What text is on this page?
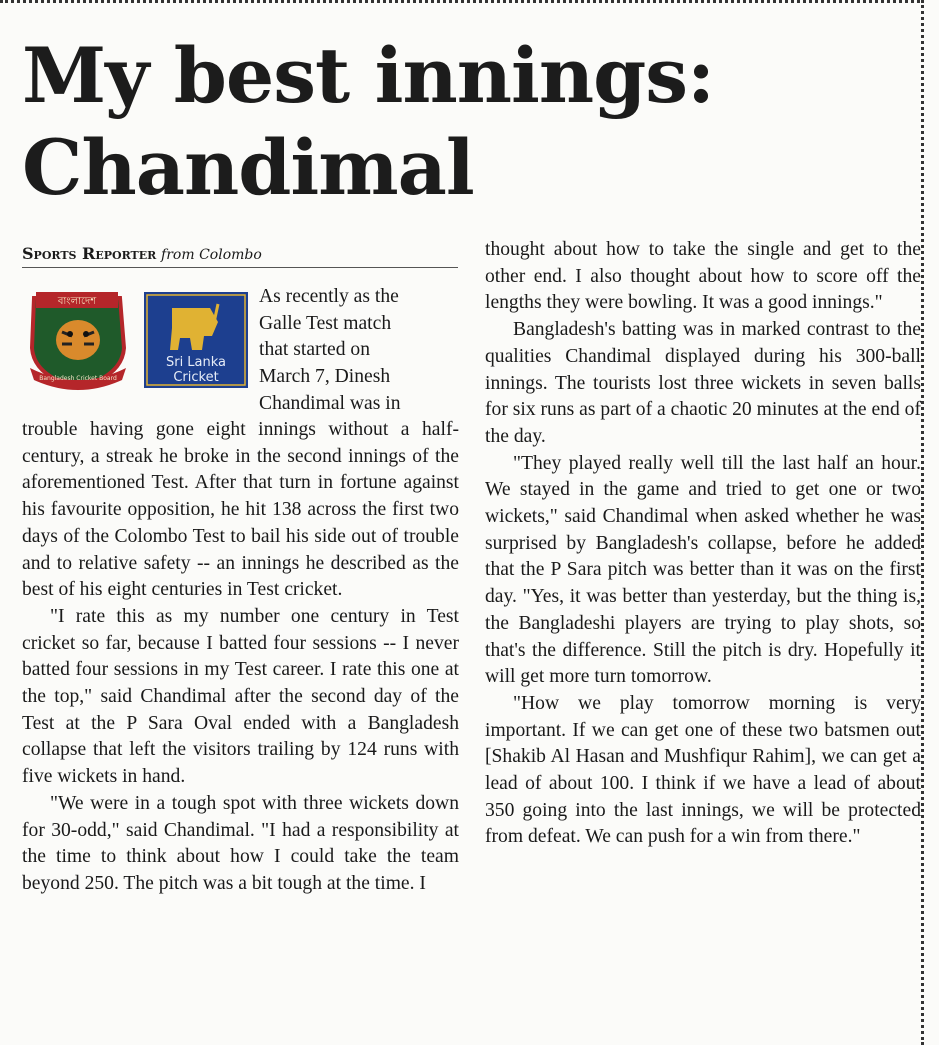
My best innings:
Chandimal
Sports Reporter from Colombo
বাংলাদেশ
Bangladesh Cricket Board
Sri Lanka
Cricket
As recently as the
Galle Test match
that started on
March 7, Dinesh
Chandimal was in

trouble having gone eight innings without a half-century, a streak he broke in the second innings of the aforementioned Test. After that turn in fortune against his favourite opposition, he hit 138 across the first two days of the Colombo Test to bail his side out of trouble and to relative safety -- an innings he described as the best of his eight centuries in Test cricket.

"I rate this as my number one century in Test cricket so far, because I batted four sessions -- I never batted four sessions in my Test career. I rate this one at the top," said Chandimal after the second day of the Test at the P Sara Oval ended with a Bangladesh collapse that left the visitors trailing by 124 runs with five wickets in hand.

"We were in a tough spot with three wickets down for 30-odd," said Chandimal. "I had a responsibility at the time to think about how I could take the team beyond 250. The pitch was a bit tough at the time. I

thought about how to take the single and get to the other end. I also thought about how to score off the lengths they were bowling. It was a good innings."

Bangladesh's batting was in marked contrast to the qualities Chandimal displayed during his 300-ball innings. The tourists lost three wickets in seven balls for six runs as part of a chaotic 20 minutes at the end of the day.

"They played really well till the last half an hour. We stayed in the game and tried to get one or two wickets," said Chandimal when asked whether he was surprised by Bangladesh's collapse, before he added that the P Sara pitch was better than it was on the first day. "Yes, it was better than yesterday, but the thing is, the Bangladeshi players are trying to play shots, so that's the difference. Still the pitch is dry. Hopefully it will get more turn tomorrow.

"How we play tomorrow morning is very important. If we can get one of these two batsmen out [Shakib Al Hasan and Mushfiqur Rahim], we can get a lead of about 100. I think if we have a lead of about 350 going into the last innings, we will be protected from defeat. We can push for a win from there."
